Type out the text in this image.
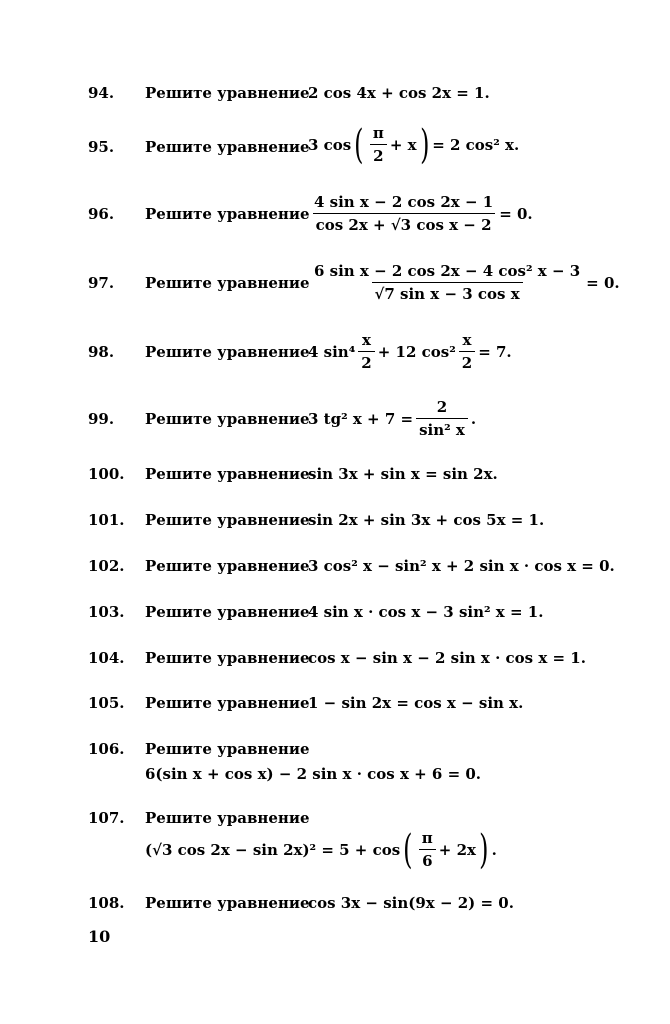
94.	Решите уравнение
2 cos 4x + cos 2x = 1.
95.	Решите уравнение
3 cos ( $\frac{\pi}{2} + x$ ) = 2 cos² x.
96.	Решите уравнение $\frac{\text{4 sin x − 2 cos 2x − 1}}{\text{cos 2x + √3 cos x − 2}} = 0$.
97.	Решите уравнение $\frac{\text{6 sin x − 2 cos 2x − 4 cos² x − 3}}{\text{√7 sin x − 3 cos x}} = 0$.
98.	Решите уравнение
4 $\sin^4 \frac{x}{2} + 12$ $\cos^2 \frac{x}{2} = 7$.
99.	Решите уравнение
3 tg² $x + 7 = \frac{2}{\text{sin² x}}$ .
100.	Решите уравнение
sin 3x + sin x = sin 2x.
101.	Решите уравнение
sin 2x + sin 3x + cos 5x = 1.
102.	Решите уравнение
3 cos² x − sin² x + 2 sin x · cos x = 0.
103.	Решите уравнение
4 sin x · cos x − 3 sin² x = 1.
104.	Решите уравнение
cos x − sin x − 2 sin x · cos x = 1.
105.	Решите уравнение
1 − sin 2x = cos x − sin x.
106.	Решите уравнение
6(sin x + cos x) − 2 sin x · cos x + 6 = 0.
107.	Решите уравнение
(√3 cos 2x − sin 2x)² = 5 + cos ( $\frac{\pi}{6} + 2x$ ) .
108.	Решите уравнение
cos 3x − sin(9x − 2) = 0.
10
